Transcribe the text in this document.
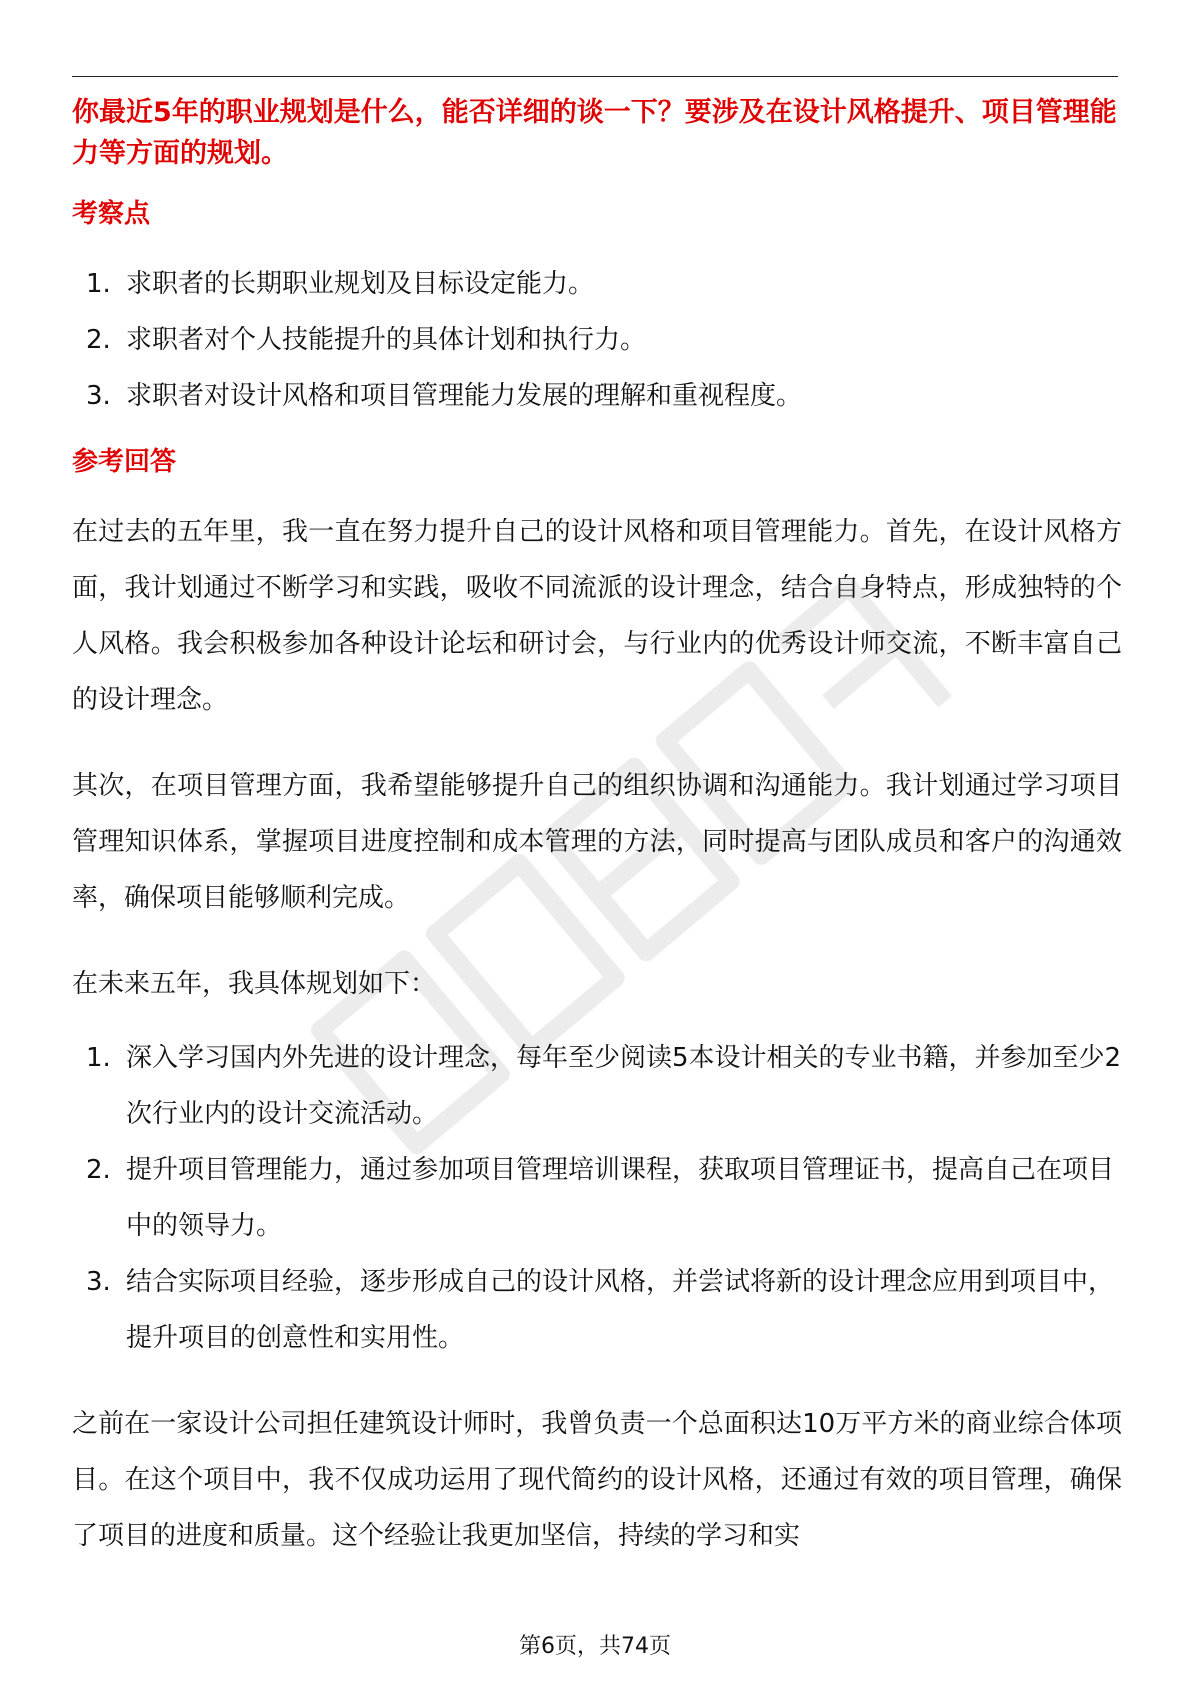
你最近5年的职业规划是什么，能否详细的谈一下？要涉及在设计风格提升、项目管理能力等方面的规划。
考察点
1. 求职者的长期职业规划及目标设定能力。
2. 求职者对个人技能提升的具体计划和执行力。
3. 求职者对设计风格和项目管理能力发展的理解和重视程度。
参考回答

在过去的五年里，我一直在努力提升自己的设计风格和项目管理能力。首先，在设计风格方面，我计划通过不断学习和实践，吸收不同流派的设计理念，结合自身特点，形成独特的个人风格。我会积极参加各种设计论坛和研讨会，与行业内的优秀设计师交流，不断丰富自己的设计理念。

其次，在项目管理方面，我希望能够提升自己的组织协调和沟通能力。我计划通过学习项目管理知识体系，掌握项目进度控制和成本管理的方法，同时提高与团队成员和客户的沟通效率，确保项目能够顺利完成。

在未来五年，我具体规划如下：

1. 深入学习国内外先进的设计理念，每年至少阅读5本设计相关的专业书籍，并参加至少2次行业内的设计交流活动。
2. 提升项目管理能力，通过参加项目管理培训课程，获取项目管理证书，提高自己在项目中的领导力。
3. 结合实际项目经验，逐步形成自己的设计风格，并尝试将新的设计理念应用到项目中，提升项目的创意性和实用性。

之前在一家设计公司担任建筑设计师时，我曾负责一个总面积达10万平方米的商业综合体项目。在这个项目中，我不仅成功运用了现代简约的设计风格，还通过有效的项目管理，确保了项目的进度和质量。这个经验让我更加坚信，持续的学习和实

第6页，共74页
